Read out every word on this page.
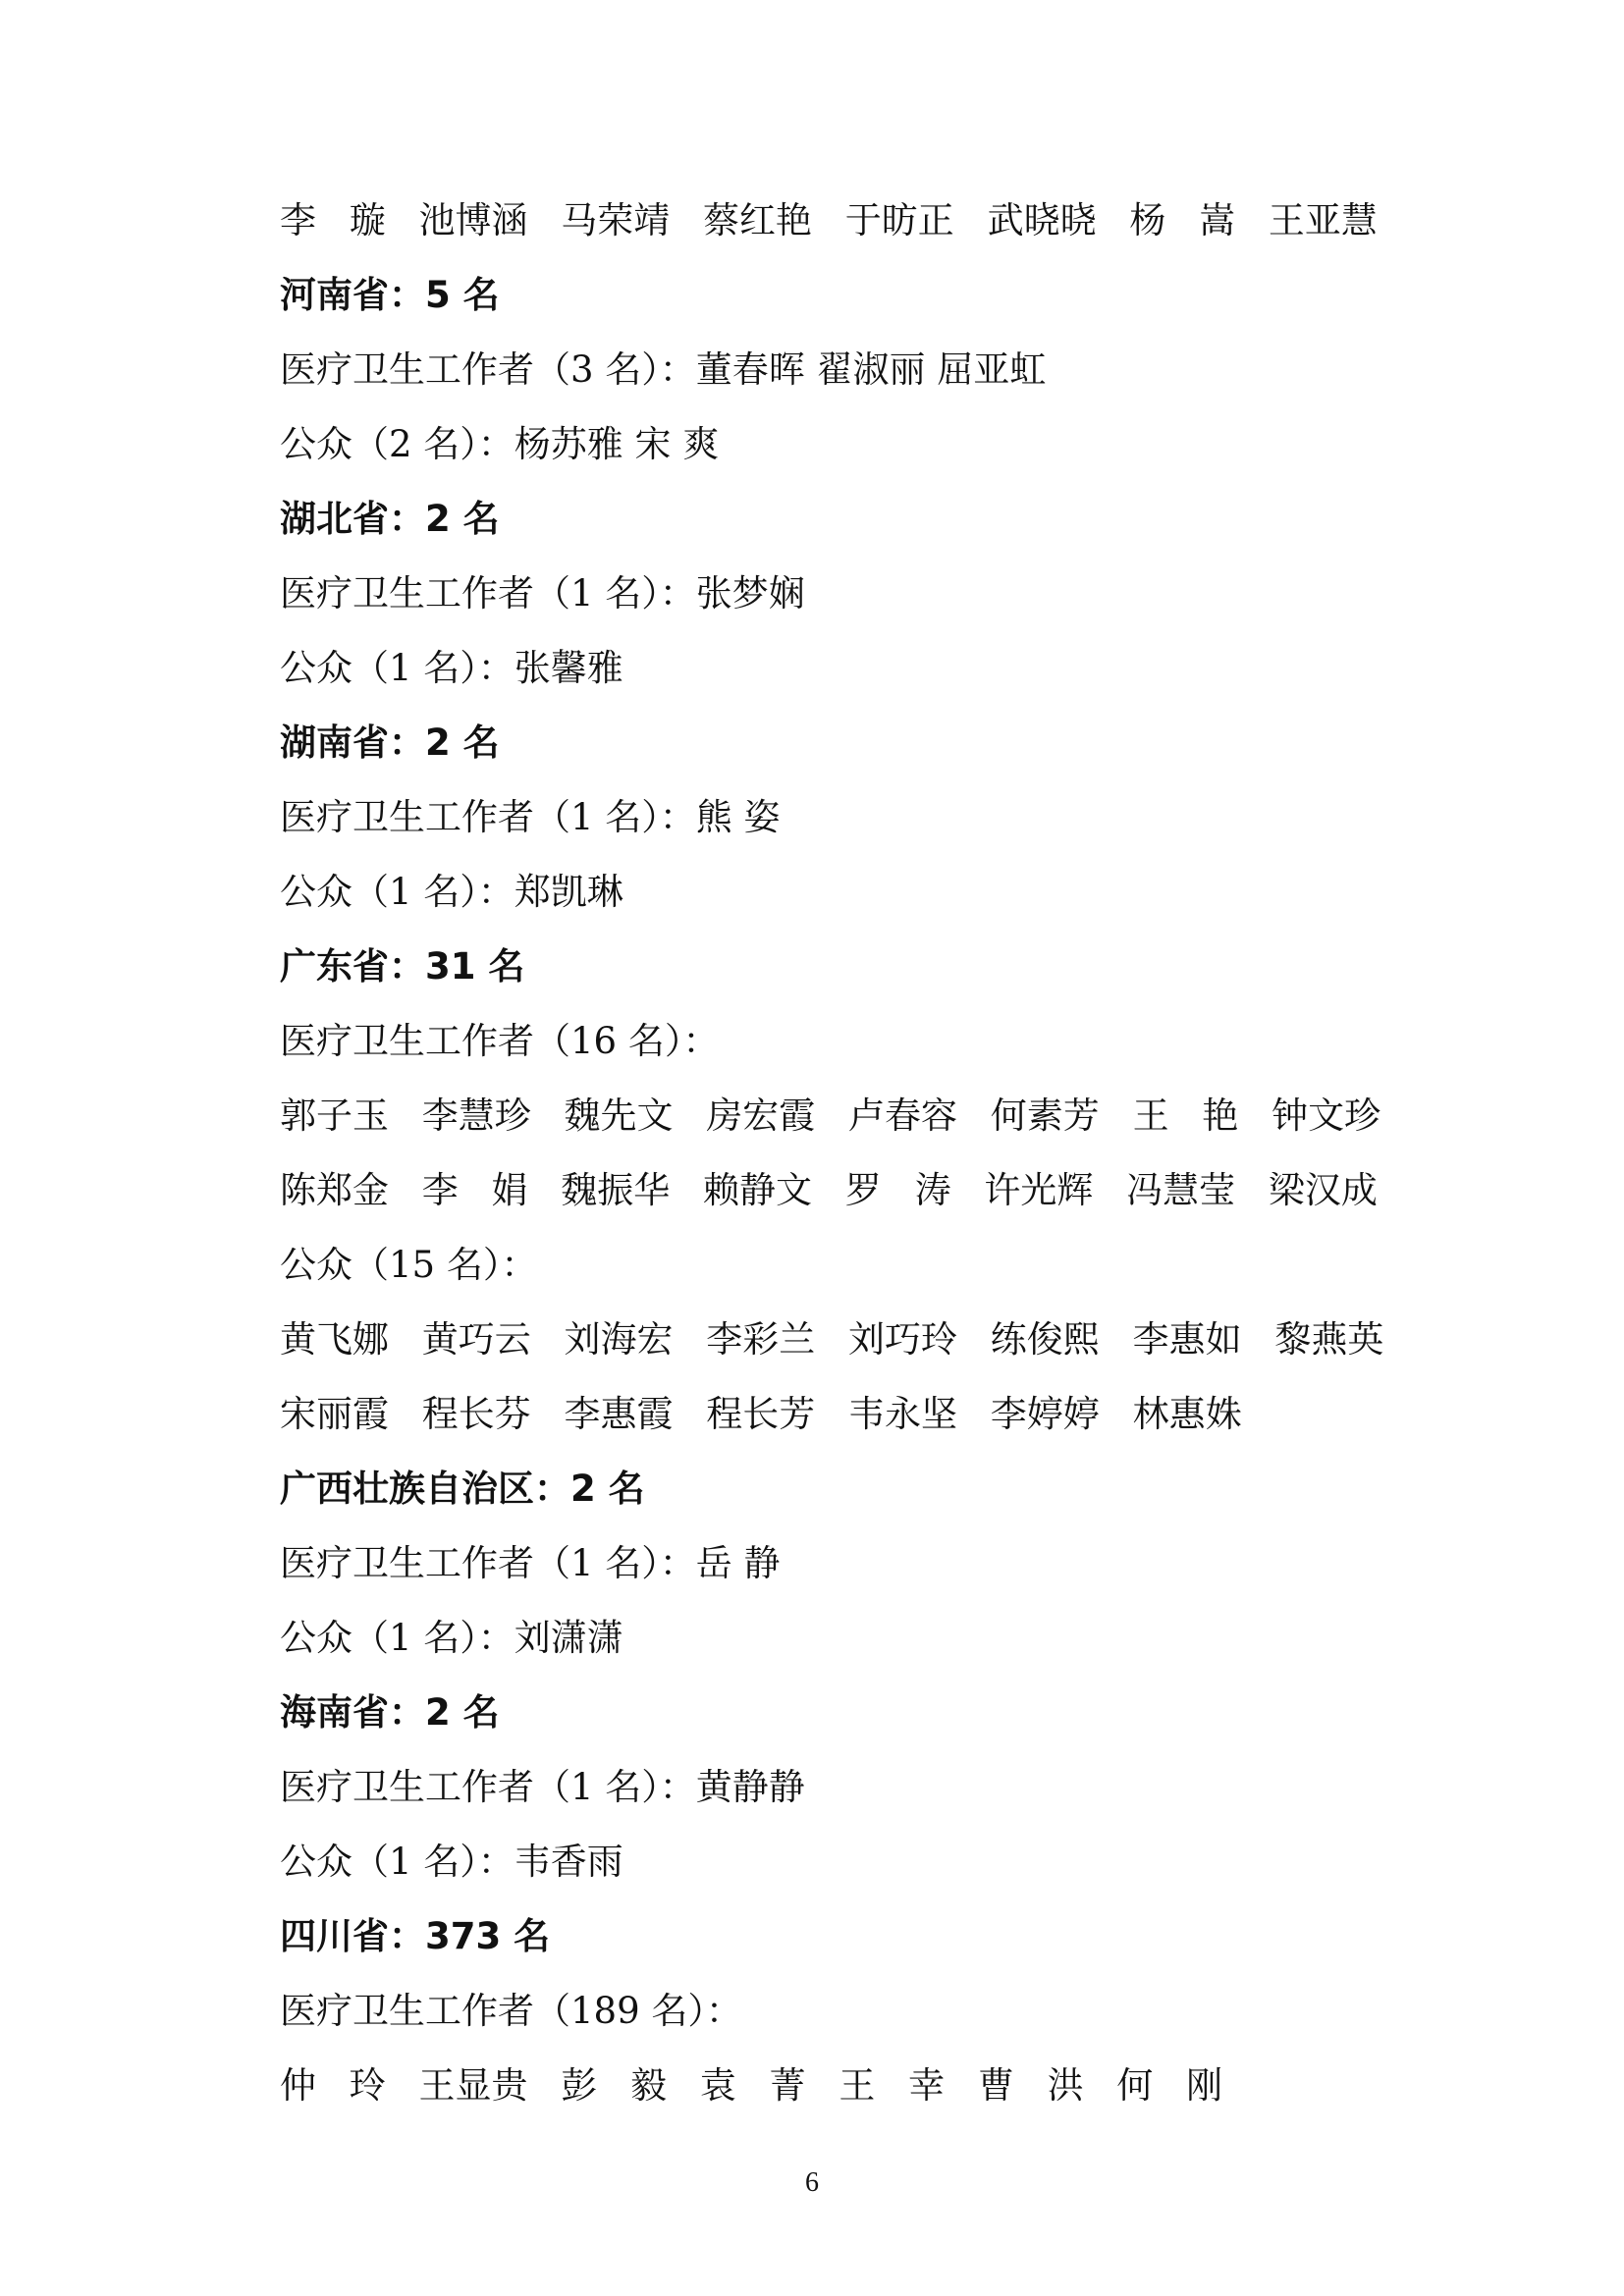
李 璇 池博涵 马荣靖 蔡红艳 于昉正 武晓晓 杨 嵩 王亚慧
河南省：5 名
医疗卫生工作者（3 名）：董春晖 翟淑丽 屈亚虹
公众（2 名）：杨苏雅 宋 爽
湖北省：2 名
医疗卫生工作者（1 名）：张梦娴
公众（1 名）：张馨雅
湖南省：2 名
医疗卫生工作者（1 名）：熊 姿
公众（1 名）：郑凯琳
广东省：31 名
医疗卫生工作者（16 名）：
郭子玉 李慧珍 魏先文 房宏霞 卢春容 何素芳 王 艳 钟文珍
陈郑金 李 娟 魏振华 赖静文 罗 涛 许光辉 冯慧莹 梁汉成
公众（15 名）：
黄飞娜 黄巧云 刘海宏 李彩兰 刘巧玲 练俊熙 李惠如 黎燕英
宋丽霞 程长芬 李惠霞 程长芳 韦永坚 李婷婷 林惠姝
广西壮族自治区：2 名
医疗卫生工作者（1 名）：岳 静
公众（1 名）：刘潇潇
海南省：2 名
医疗卫生工作者（1 名）：黄静静
公众（1 名）：韦香雨
四川省：373 名
医疗卫生工作者（189 名）：
仲 玲 王显贵 彭 毅 袁 菁 王 幸 曹 洪 何 刚
6
